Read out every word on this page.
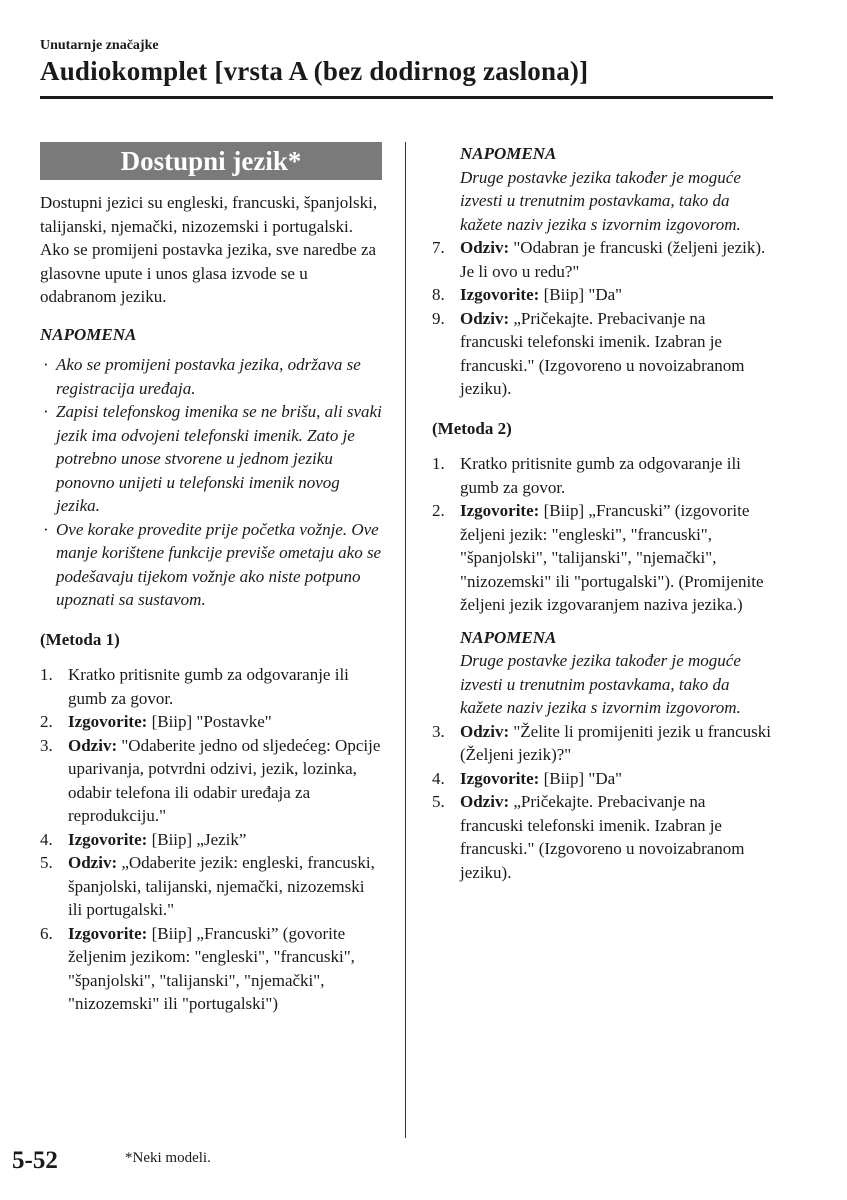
Unutarnje značajke
Audiokomplet [vrsta A (bez dodirnog zaslona)]
Dostupni jezik*

Dostupni jezici su engleski, francuski, španjolski, talijanski, njemački, nizozemski i portugalski. Ako se promijeni postavka jezika, sve naredbe za glasovne upute i unos glasa izvode se u odabranom jeziku.

NAPOMENA

· Ako se promijeni postavka jezika, održava se registracija uređaja.
· Zapisi telefonskog imenika se ne brišu, ali svaki jezik ima odvojeni telefonski imenik. Zato je potrebno unose stvorene u jednom jeziku ponovno unijeti u telefonski imenik novog jezika.
· Ove korake provedite prije početka vožnje. Ove manje korištene funkcije previše ometaju ako se podešavaju tijekom vožnje ako niste potpuno upoznati sa sustavom.

(Metoda 1)

1. Kratko pritisnite gumb za odgovaranje ili gumb za govor.
2. Izgovorite: [Biip] "Postavke"
3. Odziv: "Odaberite jedno od sljedećeg: Opcije uparivanja, potvrdni odzivi, jezik, lozinka, odabir telefona ili odabir uređaja za reprodukciju."
4. Izgovorite: [Biip] „Jezik”
5. Odziv: „Odaberite jezik: engleski, francuski, španjolski, talijanski, njemački, nizozemski ili portugalski."
6. Izgovorite: [Biip] „Francuski” (govorite željenim jezikom: "engleski", "francuski", "španjolski", "talijanski", "njemački", "nizozemski" ili "portugalski")

NAPOMENA

Druge postavke jezika također je moguće izvesti u trenutnim postavkama, tako da kažete naziv jezika s izvornim izgovorom.

7. Odziv: "Odabran je francuski (željeni jezik). Je li ovo u redu?"
8. Izgovorite: [Biip] "Da"
9. Odziv: „Pričekajte. Prebacivanje na francuski telefonski imenik. Izabran je francuski." (Izgovoreno u novoizabranom jeziku).

(Metoda 2)

1. Kratko pritisnite gumb za odgovaranje ili gumb za govor.
2. Izgovorite: [Biip] „Francuski” (izgovorite željeni jezik: "engleski", "francuski", "španjolski", "talijanski", "njemački", "nizozemski" ili "portugalski"). (Promijenite željeni jezik izgovaranjem naziva jezika.)

NAPOMENA

Druge postavke jezika također je moguće izvesti u trenutnim postavkama, tako da kažete naziv jezika s izvornim izgovorom.

3. Odziv: "Želite li promijeniti jezik u francuski (Željeni jezik)?"
4. Izgovorite: [Biip] "Da"
5. Odziv: „Pričekajte. Prebacivanje na francuski telefonski imenik. Izabran je francuski." (Izgovoreno u novoizabranom jeziku).
5-52	*Neki modeli.
